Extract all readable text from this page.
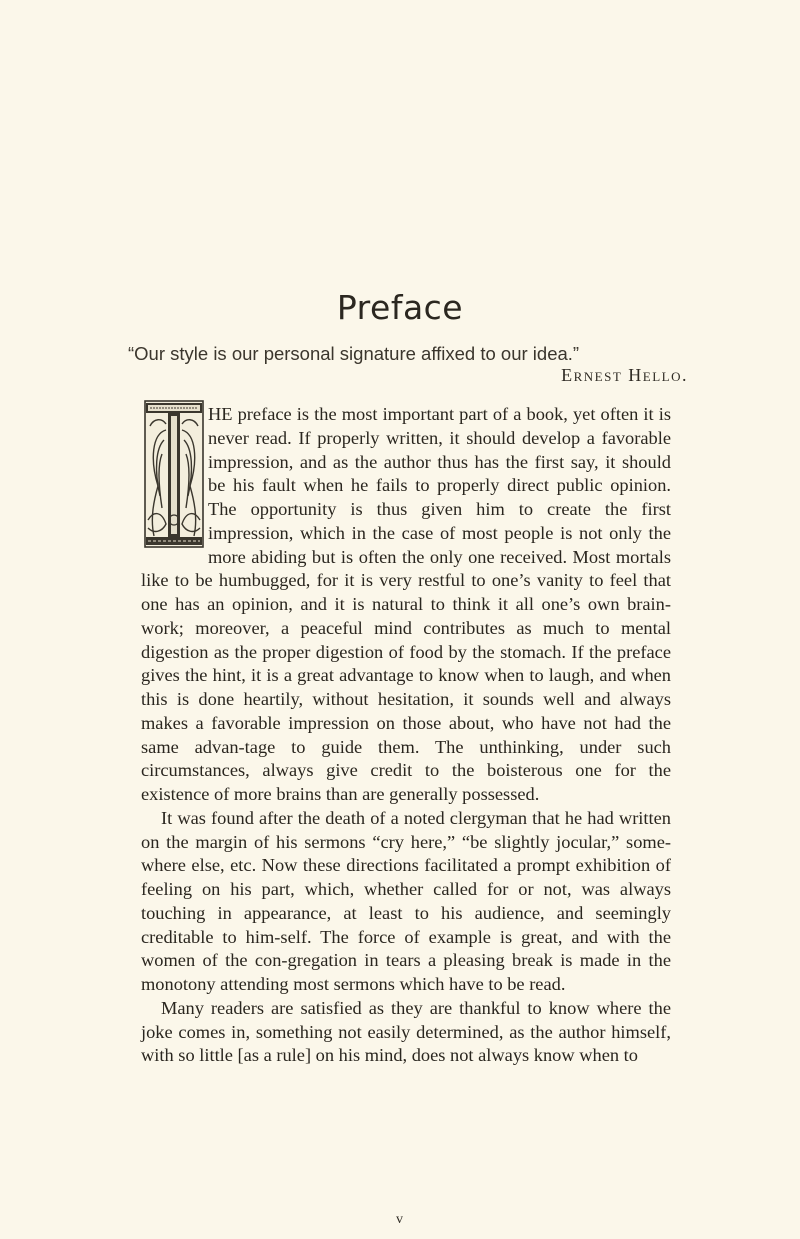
Preface
“Our style is our personal signature affixed to our idea.”
Ernest Hello.

HE preface is the most important part of a book, yet often it is never read. If properly written, it should develop a favorable impression, and as the author thus has the first say, it should be his fault when he fails to properly direct public opinion. The opportunity is thus given him to create the first impression, which in the case of most people is not only the more abiding but is often the only one received. Most mortals like to be humbugged, for it is very restful to one’s vanity to feel that one has an opinion, and it is natural to think it all one’s own brain-work; moreover, a peaceful mind contributes as much to mental digestion as the proper digestion of food by the stomach. If the preface gives the hint, it is a great advantage to know when to laugh, and when this is done heartily, without hesitation, it sounds well and always makes a favorable impression on those about, who have not had the same advan-tage to guide them. The unthinking, under such circumstances, always give credit to the boisterous one for the existence of more brains than are generally possessed.

It was found after the death of a noted clergyman that he had written on the margin of his sermons “cry here,” “be slightly jocular,” some-where else, etc. Now these directions facilitated a prompt exhibition of feeling on his part, which, whether called for or not, was always touching in appearance, at least to his audience, and seemingly creditable to him-self. The force of example is great, and with the women of the con-gregation in tears a pleasing break is made in the monotony attending most sermons which have to be read.

Many readers are satisfied as they are thankful to know where the joke comes in, something not easily determined, as the author himself, with so little [as a rule] on his mind, does not always know when to

v
